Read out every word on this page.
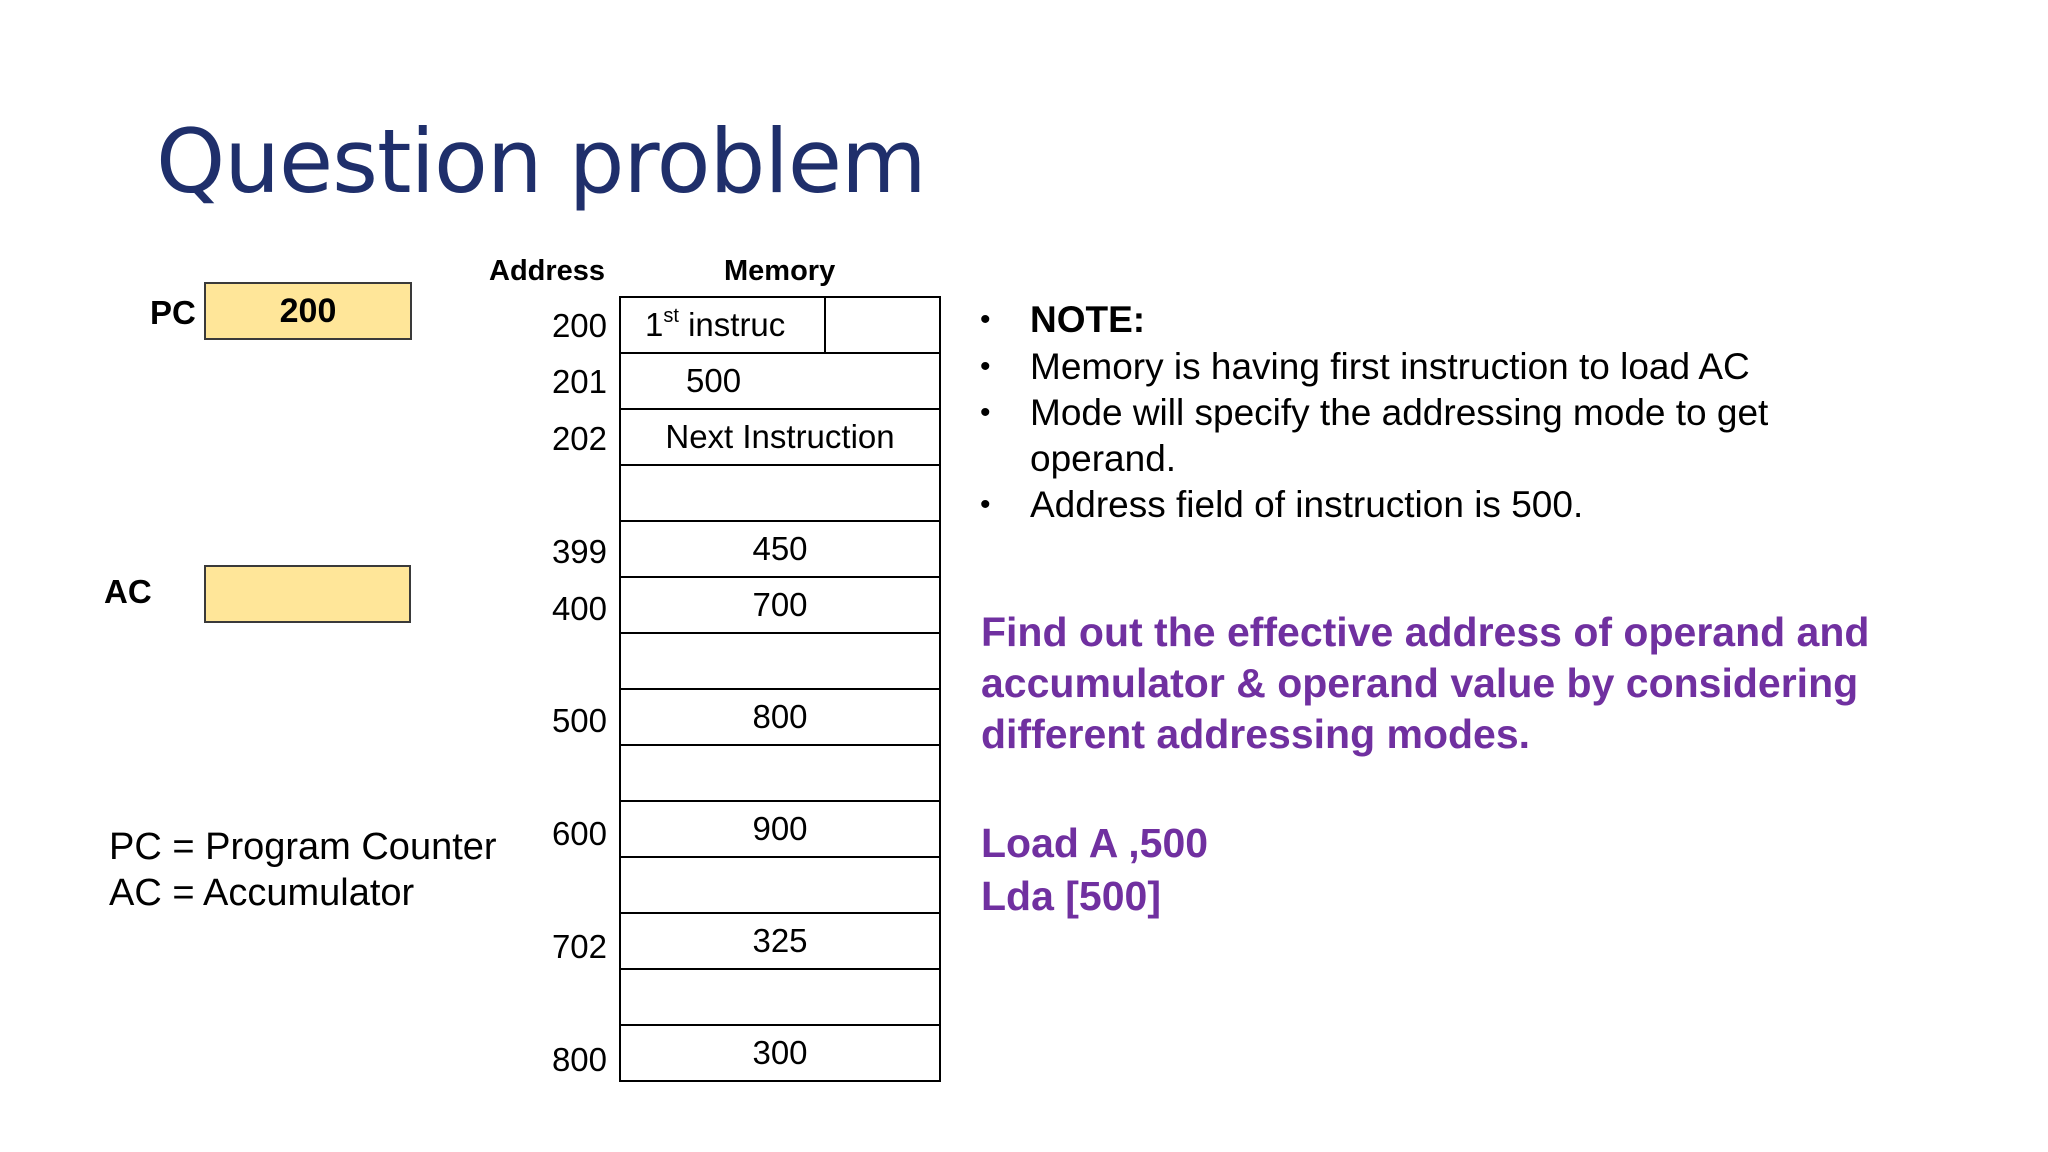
Question problem
PC	200
AC
Address	Memory
200
201
202
399
400
500
600
702
800
1st instruc
500
Next Instruction
450
700
800
900
325
300
PC = Program Counter
AC = Accumulator
• NOTE:
• Memory is having first instruction to load AC
• Mode will specify the addressing mode to get operand.
• Address field of instruction is 500.
Find out the effective address of operand and accumulator & operand value by considering different addressing modes.
Load A ,500
Lda [500]
